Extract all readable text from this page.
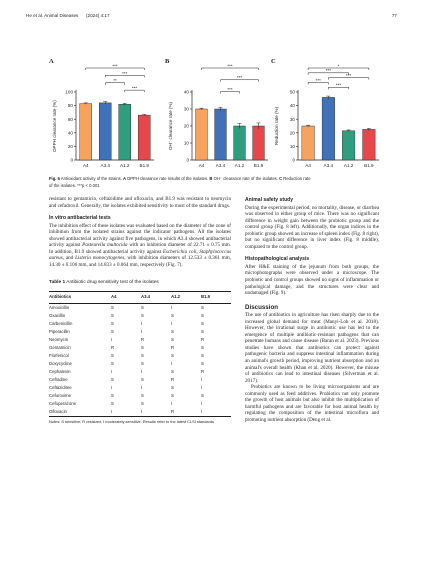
He et al. Animal Diseases (2024) 4:17	77
A	B	C
0
20
40
60
80
100
DPPH clearance rate (%)
A4	A3.4 A1.2 B1.9
***
***
**
***
0
10
20
30
40
OH⁻ clearance rate (%)
A4 A3.4 A1.2 B1.9
***
***
***
0
10
20
30
40
50
Reduction rate (%)
A4	A3.4 A1.2 B1.9
*
***
***
***
***
Fig. 6 Antioxidant activity of the strains. A DPPH clearance rate results of the isolates. B OH⁻ clearance rate of the isolates. C Reduction rate
of the isolates. ***p < 0.001

resistant to gentamicin, ceftazidime and ofloxacin, and B1.9 was resistant to neomycin and cefadroxil. Generally, the isolates exhibited sensitivity to most of the standard drugs.

In vitro antibacterial tests

The inhibition effect of these isolates was evaluated based on the diameter of the zone of inhibition from the isolated strains against the indicator pathogens. All the isolates showed antibacterial activity against five pathogens, in which A3.4 showed antibacterial activity against Pasteurella multocida with an inhibition diameter of 22.71 ± 0.75 mm. In addition, B1.9 showed antibacterial activity against Escherichia coli, Staphylococcus aureus, and Listeria monocytogenes, with inhibition diameters of 12.533 ± 0.361 mm, 14.30 ± 0.106 mm, and 14.833 ± 0.064 mm, respectively (Fig. 7).

Table 1 Antibiotic drug sensitivity test of the isolates
Antibiotics	A4	A3.4	A1.2	B1.9
Amoxicillin	S	S	I	S
Oxacillin	S	S	S	S
Carbenicillin	S	I	I	S
Piperacillin	S	I	S	S
Neomycin	I	R	S	R
Gentamicin	R	S	R	S
Florfenicol	S	S	S	S
Doxycycline	S	S	I	S
Cephalexin	I	I	S	R
Cefradine	S	S	R	I
Ceftazidime	I	I	S	I
Cefuroxime	S	S	S	S
Cefoperazone	S	S	I	I
Ofloxacin	I	I	R	I
Notes: S sensitive, R resistant, I moderately sensitive. Results refer to the latest CLSI standards
Animal safety study

During the experimental period, no mortality, disease, or diarrhea was observed in either group of mice. There was no significant difference in weight gain between the probiotic group and the control group (Fig. 8 left). Additionally, the organ indices in the probiotic group showed an increase of spleen index (Fig. 8 right), but no significant difference in liver index (Fig. 8 middle), compared to the control group.

Histopathological analysis

After H&E staining of the jejunum from both groups, the microphotographs were observed under a microscope. The probiotic and control groups showed no signs of inflammation or pathological damage, and the structures were clear and undamaged (Fig. 9).

Discussion

The use of antibiotics in agriculture has risen sharply due to the increased global demand for meat (Manyi-Loh et al. 2018). However, the irrational surge in antibiotic use has led to the emergence of multiple antibiotic-resistant pathogens that can penetrate humans and cause disease (Baran et al. 2023). Previous studies have shown that antibiotics can protect against pathogenic bacteria and suppress intestinal inflammation during an animal's growth period, improving nutrient absorption and an animal's overall health (Khan et al. 2020). However, the misuse of antibiotics can lead to intestinal diseases (Silverman et al. 2017).

Probiotics are known to be living microorganisms and are commonly used as feed additives. Probiotics not only promote the growth of host animals but also inhibit the multiplication of harmful pathogens and are favorable for host animal health by regulating the composition of the intestinal microflora and promoting nutrient absorption (Deng et al.
